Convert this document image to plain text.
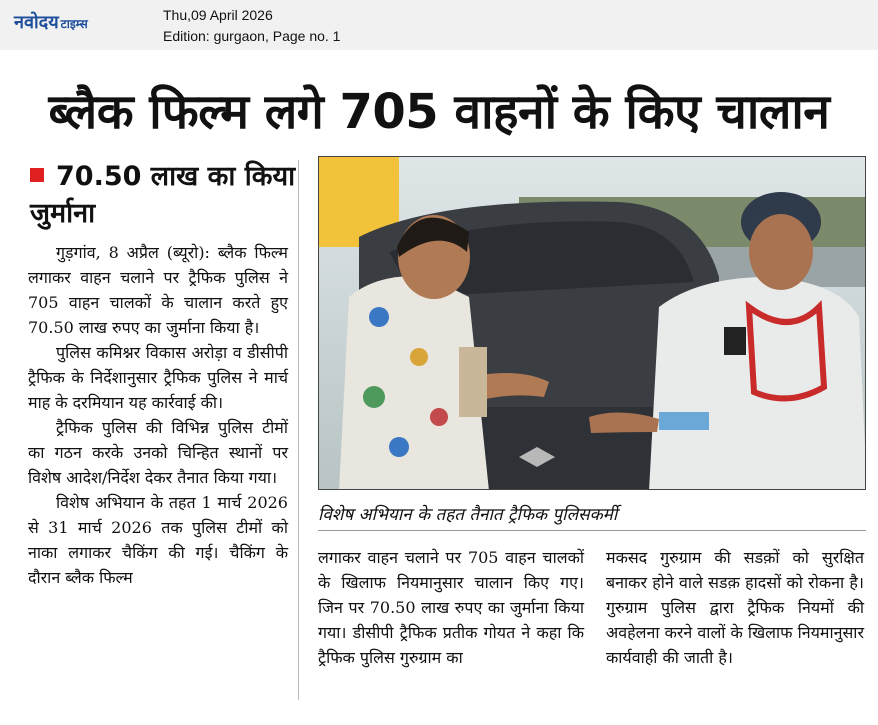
नवोदय टाइम्स
Thu,09 April 2026
Edition: gurgaon, Page no. 1
ब्लैक फिल्म लगे 705 वाहनों के किए चालान
70.50 लाख का किया जुर्माना

गुड़गांव, 8 अप्रैल (ब्यूरो): ब्लैक फिल्म लगाकर वाहन चलाने पर ट्रैफिक पुलिस ने 705 वाहन चालकों के चालान करते हुए 70.50 लाख रुपए का जुर्माना किया है।

पुलिस कमिश्नर विकास अरोड़ा व डीसीपी ट्रैफिक के निर्देशानुसार ट्रैफिक पुलिस ने मार्च माह के दरमियान यह कार्रवाई की।

ट्रैफिक पुलिस की विभिन्न पुलिस टीमों का गठन करके उनको चिन्हित स्थानों पर विशेष आदेश/निर्देश देकर तैनात किया गया।

विशेष अभियान के तहत 1 मार्च 2026 से 31 मार्च 2026 तक पुलिस टीमों को नाका लगाकर चैकिंग की गई। चैकिंग के दौरान ब्लैक फिल्म

विशेष अभियान के तहत तैनात ट्रैफिक पुलिसकर्मी

लगाकर वाहन चलाने पर 705 वाहन चालकों के खिलाफ नियमानुसार चालान किए गए। जिन पर 70.50 लाख रुपए का जुर्माना किया गया। डीसीपी ट्रैफिक प्रतीक गोयत ने कहा कि ट्रैफिक पुलिस गुरुग्राम का

मकसद गुरुग्राम की सडक़ों को सुरक्षित बनाकर होने वाले सडक़ हादसों को रोकना है। गुरुग्राम पुलिस द्वारा ट्रैफिक नियमों की अवहेलना करने वालों के खिलाफ नियमानुसार कार्यवाही की जाती है।
